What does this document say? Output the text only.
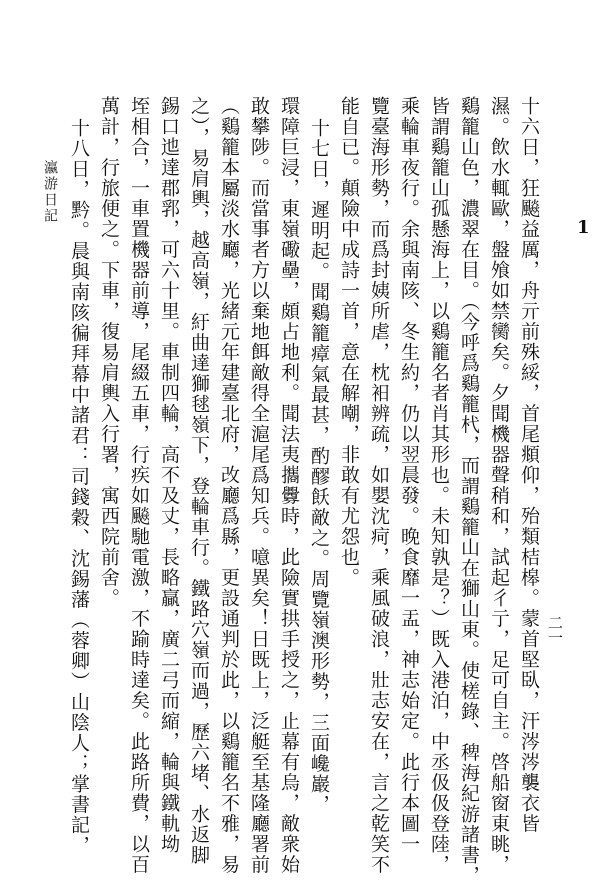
1
二一
十六日，狂飈益厲，舟亓前殊綏，首尾頫仰，殆類桔槔。蒙首堅臥，汗涔涔襲衣皆
濕。飲水輒歐，盤飧如禁臠矣。夕聞機器聲稍和，試起彳亍，足可自主。啓船窗東眺，
鷄籠山色，濃翠在目。（今呼爲鷄籠杙，而謂鷄籠山在獅山東。使槎錄、稗海紀游諸書，
皆謂鷄籠山孤懸海上，以鷄籠名者肖其形也。未知孰是？）既入港泊，中丞伋伋登陸，
乘輪車夜行。余與南陔、冬生約，仍以翌晨發。晚食靡一盂，神志始定。此行本圖一
覽臺海形勢，而爲封姨所虐，枕衵辨疏，如嬰沈疴，乘風破浪，壯志安在，言之乾笑不
能自已。顛險中成詩一首，意在解嘲，非敢有尤怨也。
十七日，遲明起。聞鷄籠瘴氣最甚，酌醪飫敵之。周覽嶺澳形勢，三面巉巖，
環障巨浸，東嶺礮壘，頗占地利。聞法夷攜釁時，此險實拱手授之，止幕有烏，敵衆始
敢攀陟。而當事者方以棄地餌敵得全滬尾爲知兵。噫異矣！日既上，泛艇至基隆廳署前
（鷄籠本屬淡水廳，光緒元年建臺北府，改廳爲縣，更設通判於此，以鷄籠名不雅，易
之），易肩輿，越高嶺，紆曲達獅毬嶺下，登輪車行。鐵路穴嶺而過，歷六堵、水返脚
錫口迆達郡郛，可六十里。車制四輪，高不及丈，長略贏，廣二弓而縮，輪與鐵軌坳
垤相合，一車置機器前導，尾綴五車，行疾如飈馳電激，不踰時達矣。此路所費，以百
萬計，行旅便之。下車，復易肩輿入行署，寓西院前舍。
十八日，黔。晨與南陔徧拜幕中諸君：司錢穀、沈錫藩（蓉卿）山陰人；掌書記，
瀛游日記
